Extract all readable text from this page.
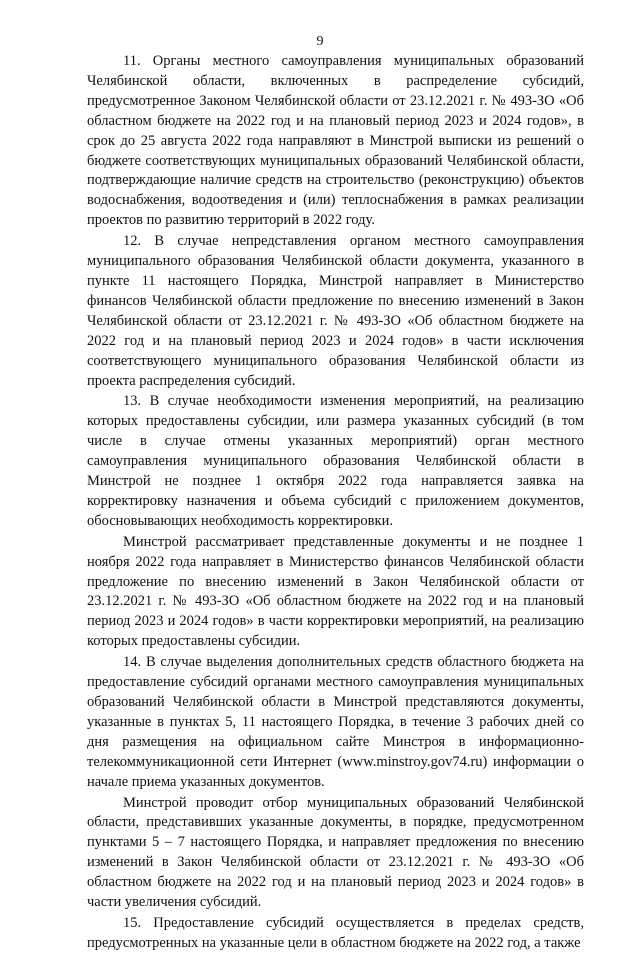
9

11. Органы местного самоуправления муниципальных образований Челябинской области, включенных в распределение субсидий, предусмотренное Законом Челябинской области от 23.12.2021 г. № 493-ЗО «Об областном бюджете на 2022 год и на плановый период 2023 и 2024 годов», в срок до 25 августа 2022 года направляют в Минстрой выписки из решений о бюджете соответствующих муниципальных образований Челябинской области, подтверждающие наличие средств на строительство (реконструкцию) объектов водоснабжения, водоотведения и (или) теплоснабжения в рамках реализации проектов по развитию территорий в 2022 году.

12. В случае непредставления органом местного самоуправления муниципального образования Челябинской области документа, указанного в пункте 11 настоящего Порядка, Минстрой направляет в Министерство финансов Челябинской области предложение по внесению изменений в Закон Челябинской области от 23.12.2021 г. № 493-ЗО «Об областном бюджете на 2022 год и на плановый период 2023 и 2024 годов» в части исключения соответствующего муниципального образования Челябинской области из проекта распределения субсидий.

13. В случае необходимости изменения мероприятий, на реализацию которых предоставлены субсидии, или размера указанных субсидий (в том числе в случае отмены указанных мероприятий) орган местного самоуправления муниципального образования Челябинской области в Минстрой не позднее 1 октября 2022 года направляется заявка на корректировку назначения и объема субсидий с приложением документов, обосновывающих необходимость корректировки.

Минстрой рассматривает представленные документы и не позднее 1 ноября 2022 года направляет в Министерство финансов Челябинской области предложение по внесению изменений в Закон Челябинской области от 23.12.2021 г. № 493-ЗО «Об областном бюджете на 2022 год и на плановый период 2023 и 2024 годов» в части корректировки мероприятий, на реализацию которых предоставлены субсидии.

14. В случае выделения дополнительных средств областного бюджета на предоставление субсидий органами местного самоуправления муниципальных образований Челябинской области в Минстрой представляются документы, указанные в пунктах 5, 11 настоящего Порядка, в течение 3 рабочих дней со дня размещения на официальном сайте Минстроя в информационно-телекоммуникационной сети Интернет (www.minstroy.gov74.ru) информации о начале приема указанных документов.

Минстрой проводит отбор муниципальных образований Челябинской области, представивших указанные документы, в порядке, предусмотренном пунктами 5 – 7 настоящего Порядка, и направляет предложения по внесению изменений в Закон Челябинской области от 23.12.2021 г. № 493-ЗО «Об областном бюджете на 2022 год и на плановый период 2023 и 2024 годов» в части увеличения субсидий.

15. Предоставление субсидий осуществляется в пределах средств, предусмотренных на указанные цели в областном бюджете на 2022 год, а также
